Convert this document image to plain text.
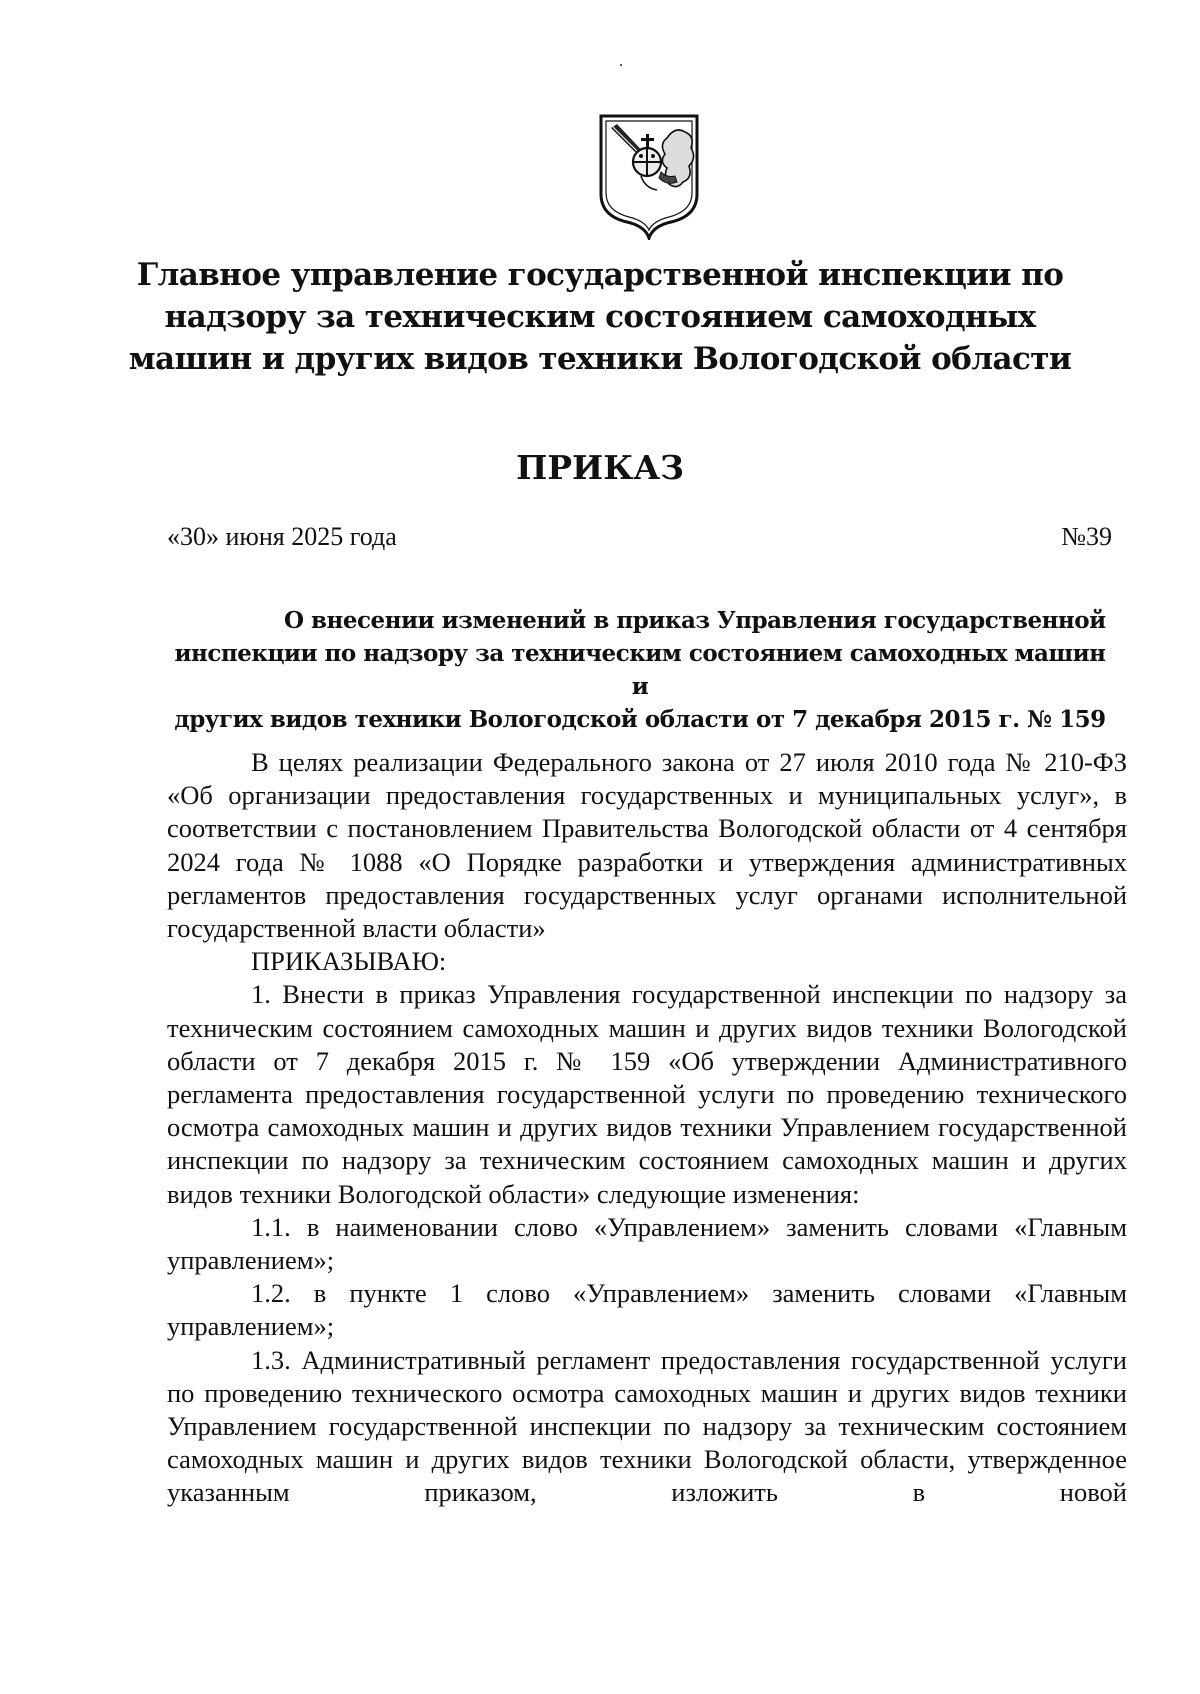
Главное управление государственной инспекции по надзору за техническим состоянием самоходных машин и других видов техники Вологодской области
ПРИКАЗ
«30» июня 2025 года	№39
О внесении изменений в приказ Управления государственной
инспекции по надзору за техническим состоянием самоходных машин и
других видов техники Вологодской области от 7 декабря 2015 г. № 159

В целях реализации Федерального закона от 27 июля 2010 года № 210-ФЗ «Об организации предоставления государственных и муниципальных услуг», в соответствии с постановлением Правительства Вологодской области от 4 сентября 2024 года № 1088 «О Порядке разработки и утверждения административных регламентов предоставления государственных услуг органами исполнительной государственной власти области»

ПРИКАЗЫВАЮ:

1. Внести в приказ Управления государственной инспекции по надзору за техническим состоянием самоходных машин и других видов техники Вологодской области от 7 декабря 2015 г. № 159 «Об утверждении Административного регламента предоставления государственной услуги по проведению технического осмотра самоходных машин и других видов техники Управлением государственной инспекции по надзору за техническим состоянием самоходных машин и других видов техники Вологодской области» следующие изменения:

1.1. в наименовании слово «Управлением» заменить словами «Главным управлением»;

1.2. в пункте 1 слово «Управлением» заменить словами «Главным управлением»;

1.3. Административный регламент предоставления государственной услуги по проведению технического осмотра самоходных машин и других видов техники Управлением государственной инспекции по надзору за техническим состоянием самоходных машин и других видов техники Вологодской области, утвержденное указанным приказом, изложить в новой
